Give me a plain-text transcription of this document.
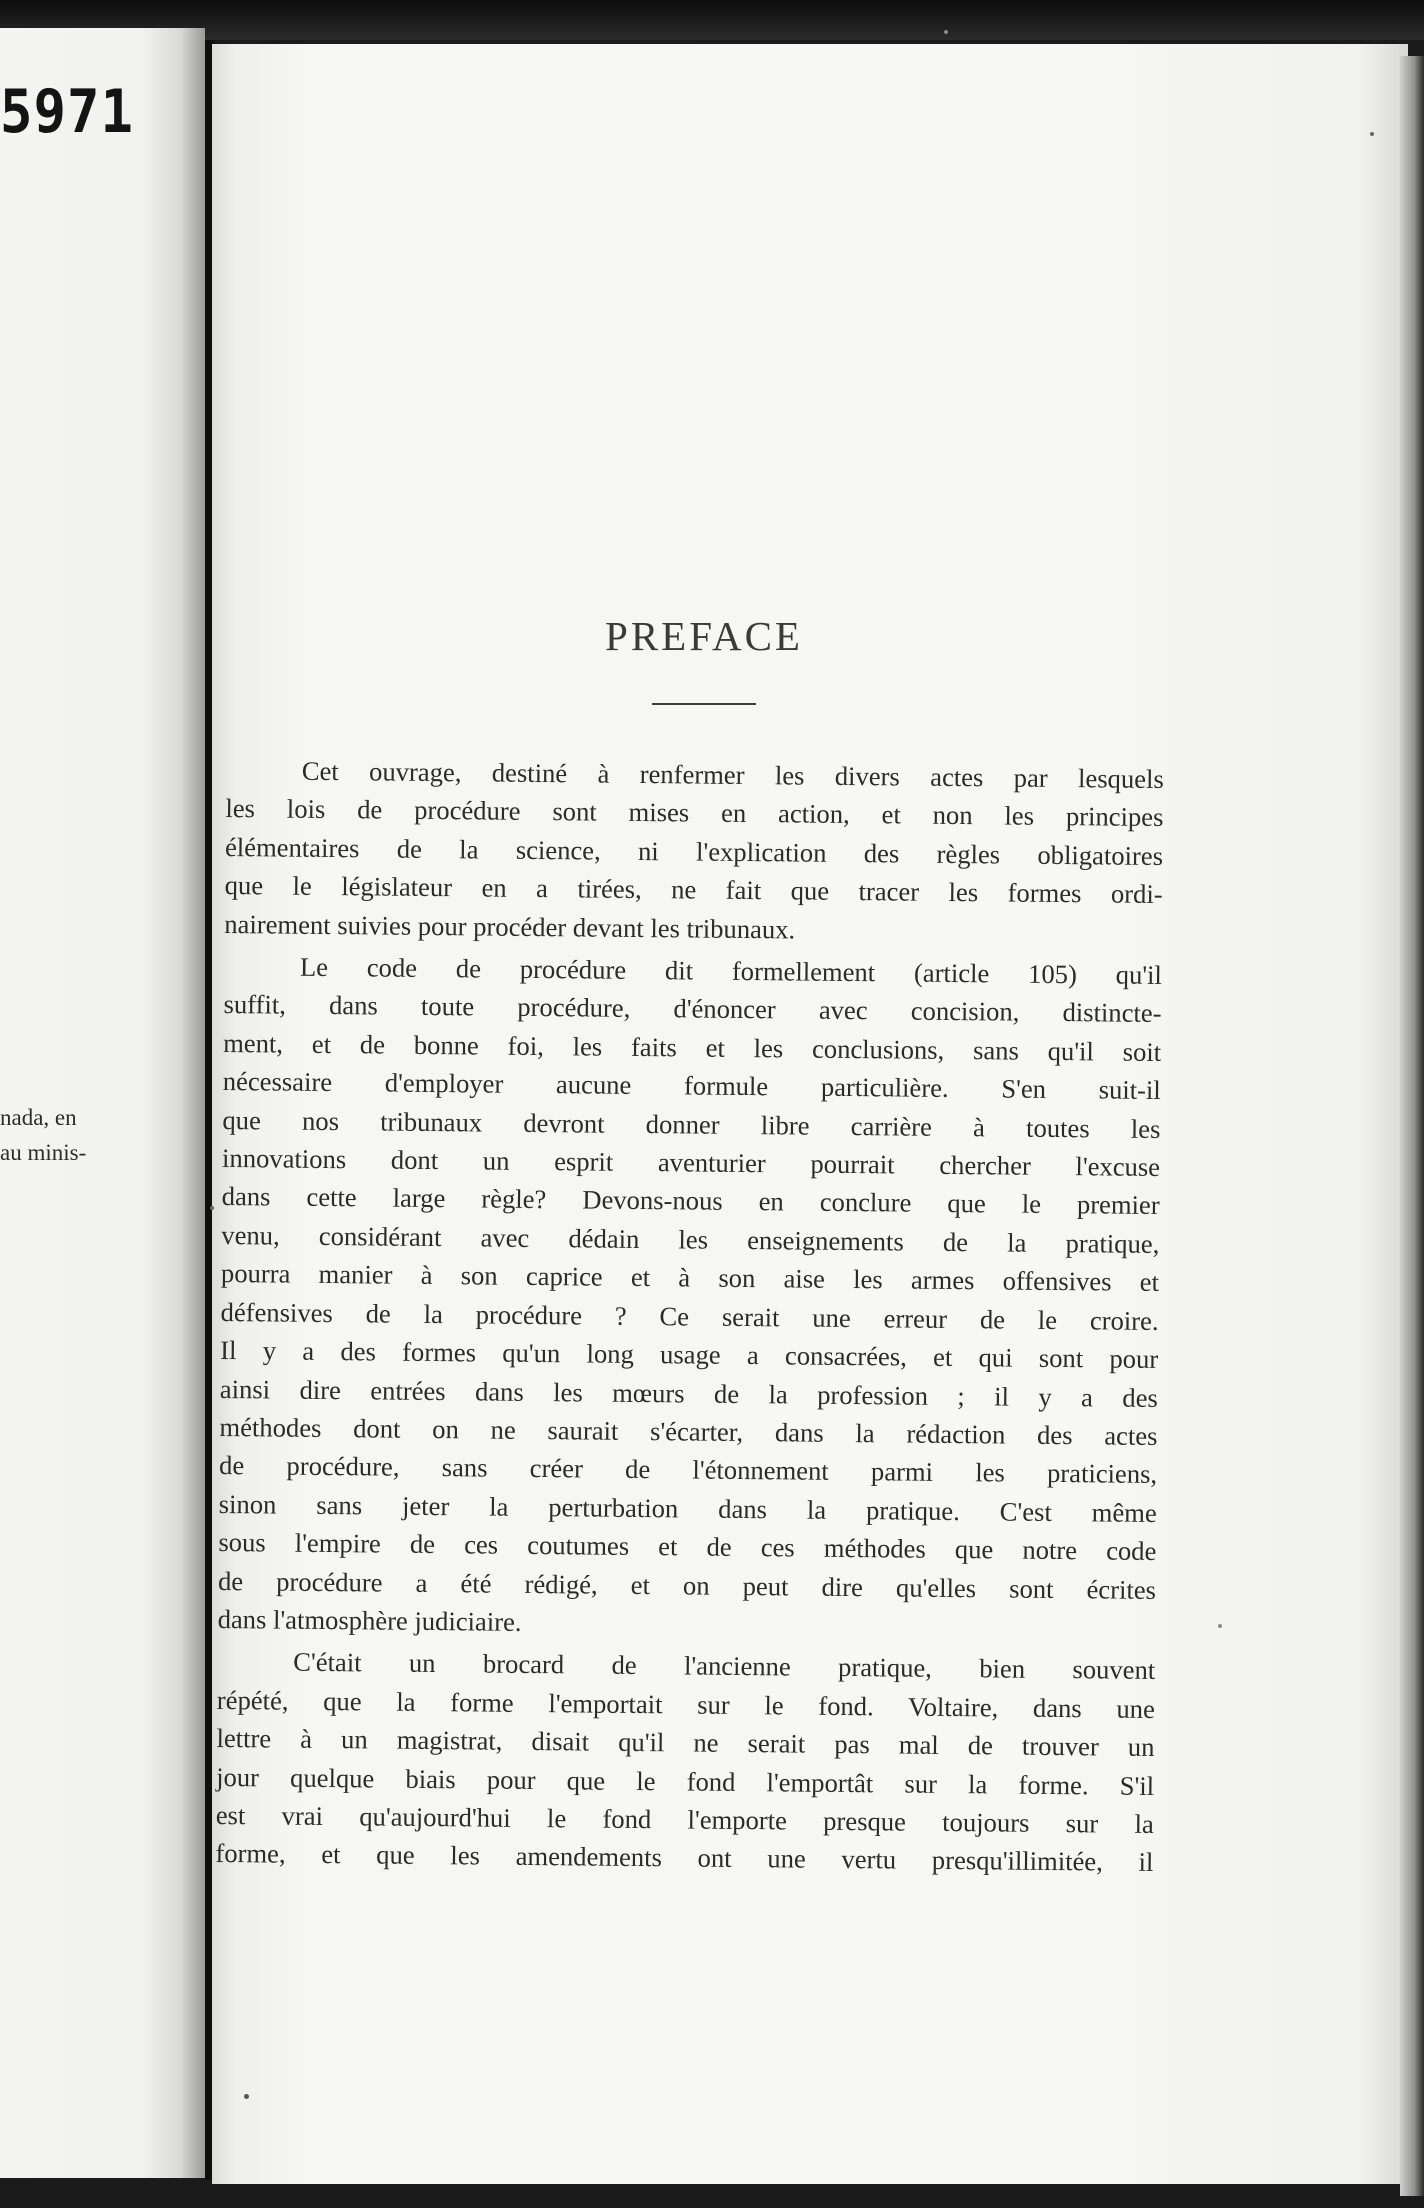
5971
nada, en
au minis-
PREFACE

Cet ouvrage, destiné à renfermer les divers actes par lesquels
les lois de procédure sont mises en action, et non les principes
élémentaires de la science, ni l'explication des règles obligatoires
que le législateur en a tirées, ne fait que tracer les formes ordi-
nairement suivies pour procéder devant les tribunaux.

Le code de procédure dit formellement (article 105) qu'il
suffit, dans toute procédure, d'énoncer avec concision, distincte-
ment, et de bonne foi, les faits et les conclusions, sans qu'il soit
nécessaire d'employer aucune formule particulière. S'en suit-il
que nos tribunaux devront donner libre carrière à toutes les
innovations dont un esprit aventurier pourrait chercher l'excuse
dans cette large règle? Devons-nous en conclure que le premier
venu, considérant avec dédain les enseignements de la pratique,
pourra manier à son caprice et à son aise les armes offensives et
défensives de la procédure ? Ce serait une erreur de le croire.
Il y a des formes qu'un long usage a consacrées, et qui sont pour
ainsi dire entrées dans les mœurs de la profession ; il y a des
méthodes dont on ne saurait s'écarter, dans la rédaction des actes
de procédure, sans créer de l'étonnement parmi les praticiens,
sinon sans jeter la perturbation dans la pratique. C'est même
sous l'empire de ces coutumes et de ces méthodes que notre code
de procédure a été rédigé, et on peut dire qu'elles sont écrites
dans l'atmosphère judiciaire.

C'était un brocard de l'ancienne pratique, bien souvent
répété, que la forme l'emportait sur le fond. Voltaire, dans une
lettre à un magistrat, disait qu'il ne serait pas mal de trouver un
jour quelque biais pour que le fond l'emportât sur la forme. S'il
est vrai qu'aujourd'hui le fond l'emporte presque toujours sur la
forme, et que les amendements ont une vertu presqu'illimitée, il
